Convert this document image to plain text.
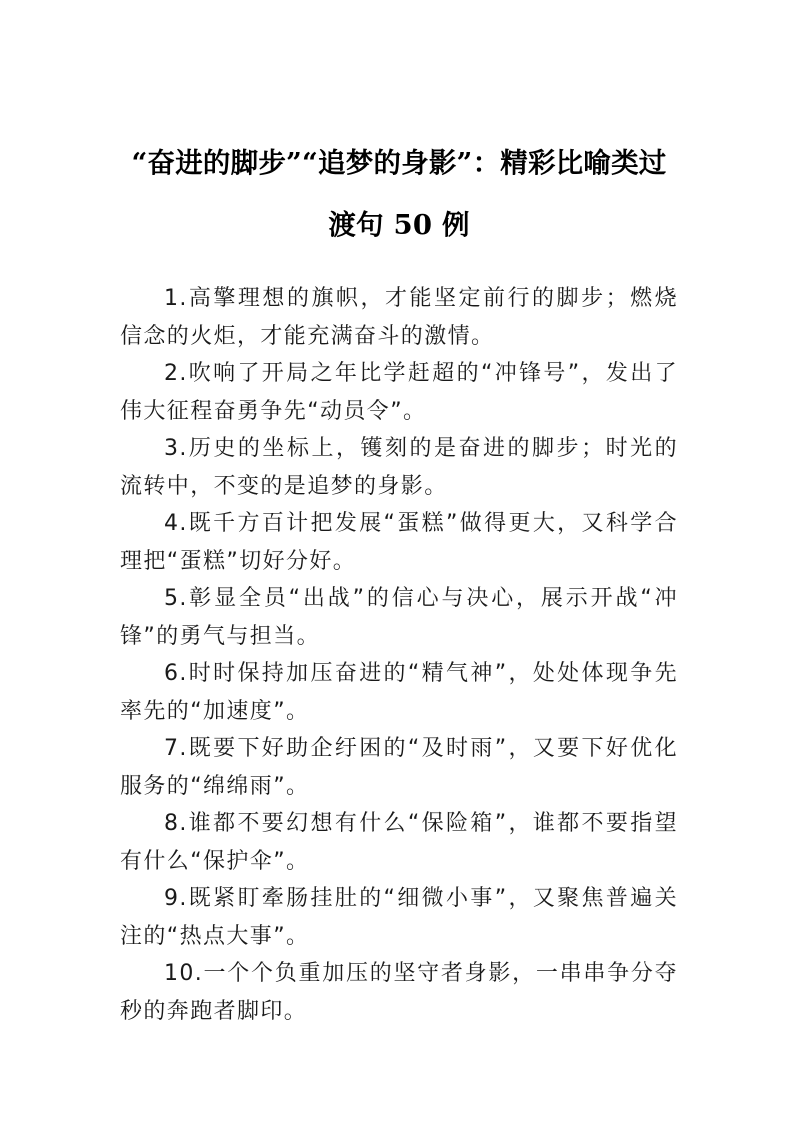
“奋进的脚步”“追梦的身影”：精彩比喻类过渡句 50 例

1.高擎理想的旗帜，才能坚定前行的脚步；燃烧信念的火炬，才能充满奋斗的激情。

2.吹响了开局之年比学赶超的“冲锋号”，发出了伟大征程奋勇争先“动员令”。

3.历史的坐标上，镬刻的是奋进的脚步；时光的流转中，不变的是追梦的身影。

4.既千方百计把发展“蛋糕”做得更大，又科学合理把“蛋糕”切好分好。

5.彰显全员“出战”的信心与决心，展示开战“冲锋”的勇气与担当。

6.时时保持加压奋进的“精气神”，处处体现争先率先的“加速度”。

7.既要下好助企纡困的“及时雨”，又要下好优化服务的“绵绵雨”。

8.谁都不要幻想有什么“保险箱”，谁都不要指望有什么“保护伞”。

9.既紧盯牽肠挂肚的“细微小事”，又聚焦普遍关注的“热点大事”。

10.一个个负重加压的坚守者身影，一串串争分夺秒的奔跑者脚印。
